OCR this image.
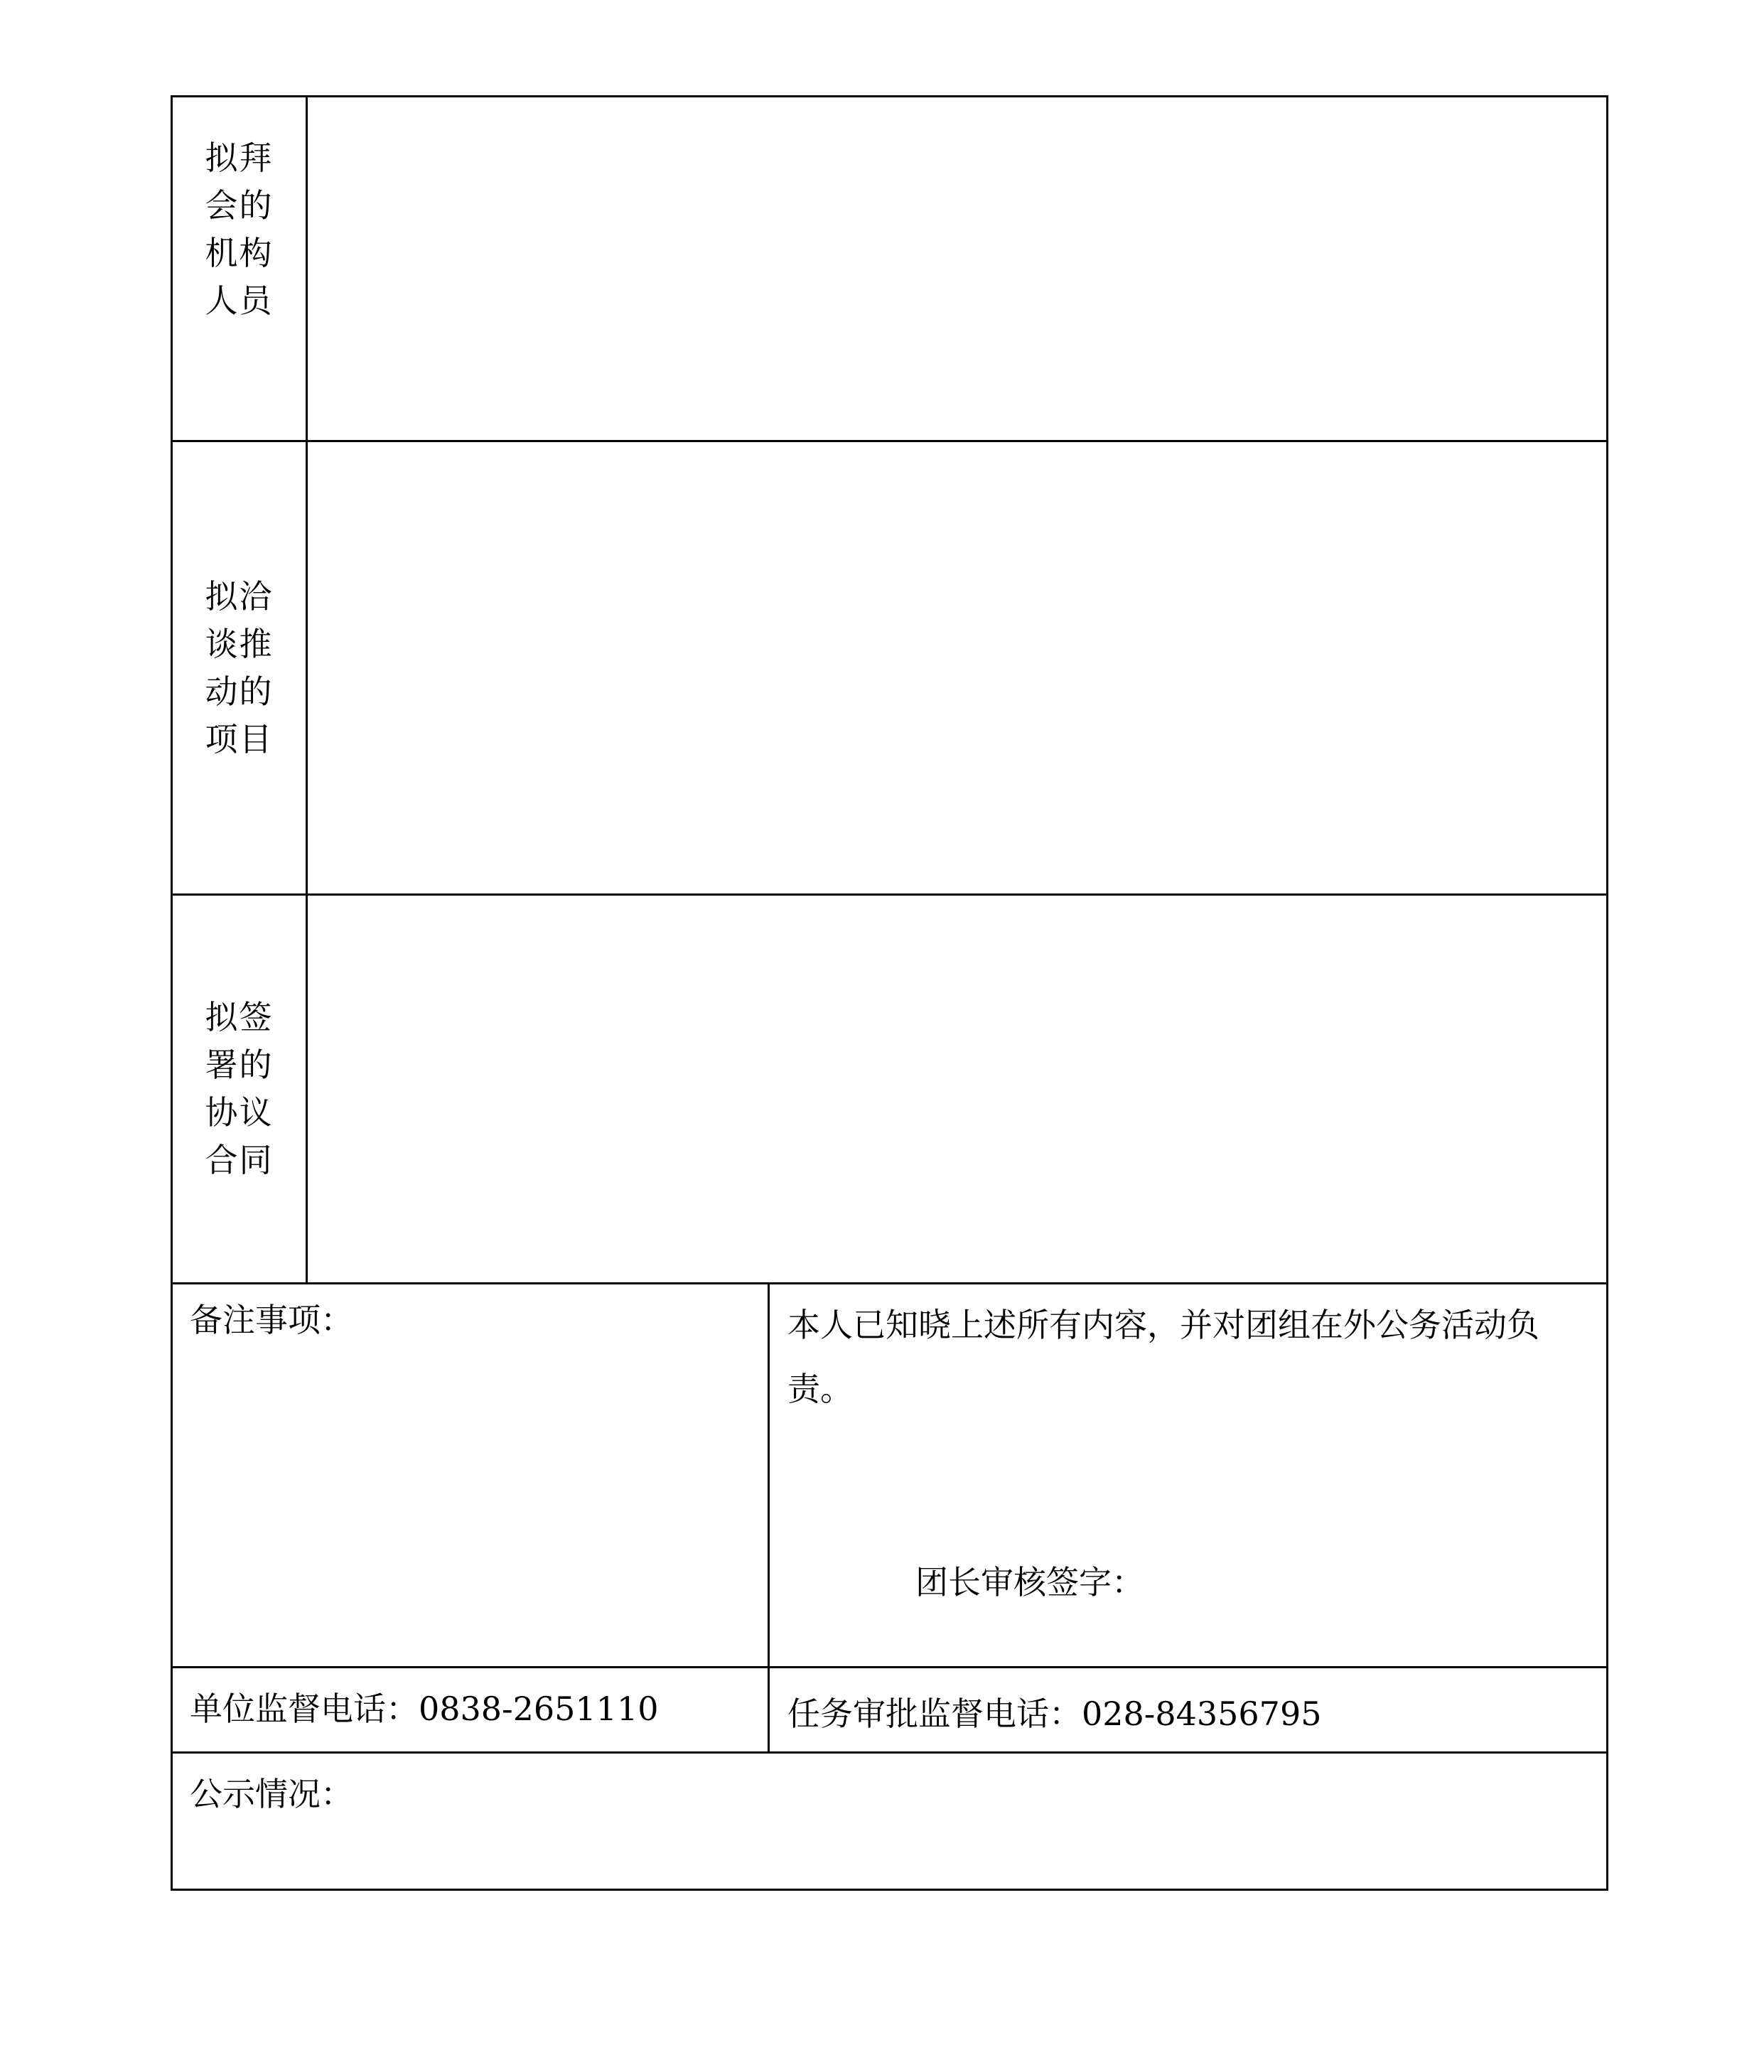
拟拜
会的
机构
人员
拟洽
谈推
动的
项目
拟签
署的
协议
合同
备注事项：	本人已知晓上述所有内容，并对团组在外公务活动负责。
团长审核签字：
单位监督电话：0838-2651110	任务审批监督电话：028-84356795
公示情况：
